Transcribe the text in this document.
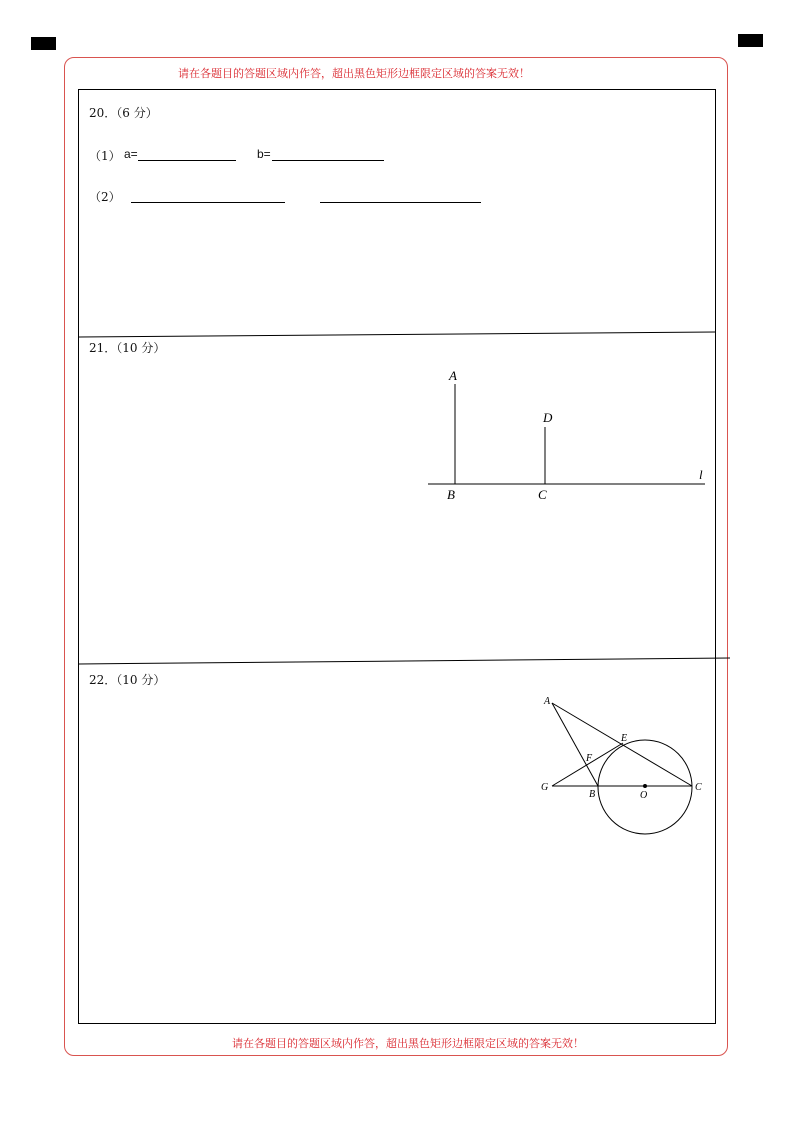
请在各题目的答题区域内作答，超出黑色矩形边框限定区域的答案无效！
请在各题目的答题区域内作答，超出黑色矩形边框限定区域的答案无效！
20．（6 分）
（1） a=	b=
（2）
21．（10 分）
A
D
B	C
l
22．（10 分）
A
E
F
G
B	O
C
